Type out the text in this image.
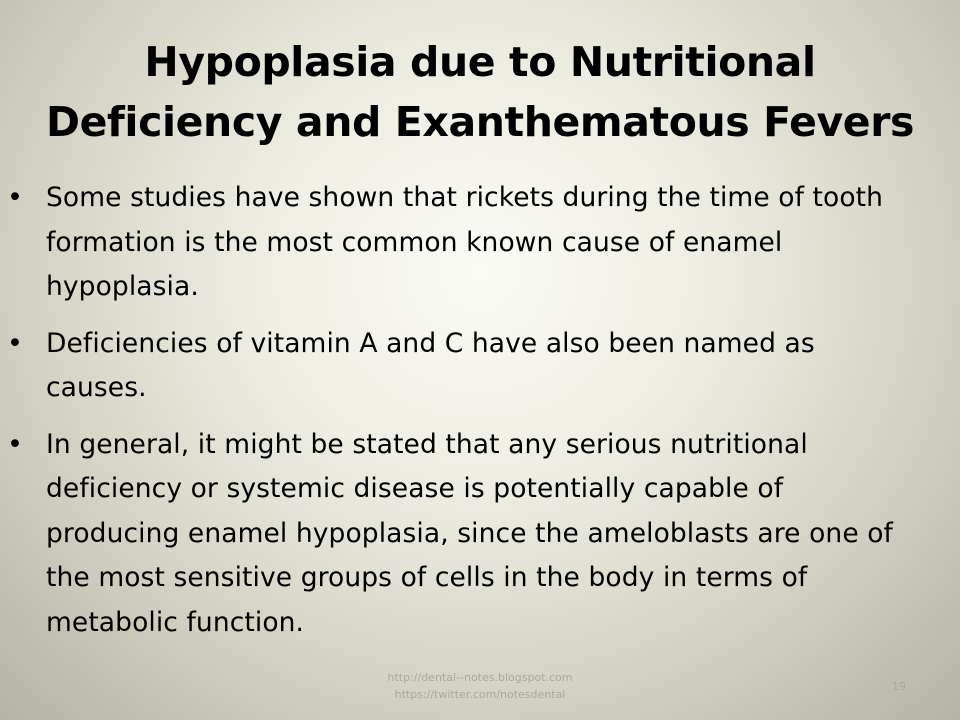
Hypoplasia due to Nutritional
Deficiency and Exanthematous Fevers
• Some studies have shown that rickets during the time of tooth formation is the most common known cause of enamel hypoplasia.
• Deficiencies of vitamin A and C have also been named as causes.
• In general, it might be stated that any serious nutritional deficiency or systemic disease is potentially capable of producing enamel hypoplasia, since the ameloblasts are one of the most sensitive groups of cells in the body in terms of metabolic function.
http://dental--notes.blogspot.com
https://twitter.com/notesdental
19
